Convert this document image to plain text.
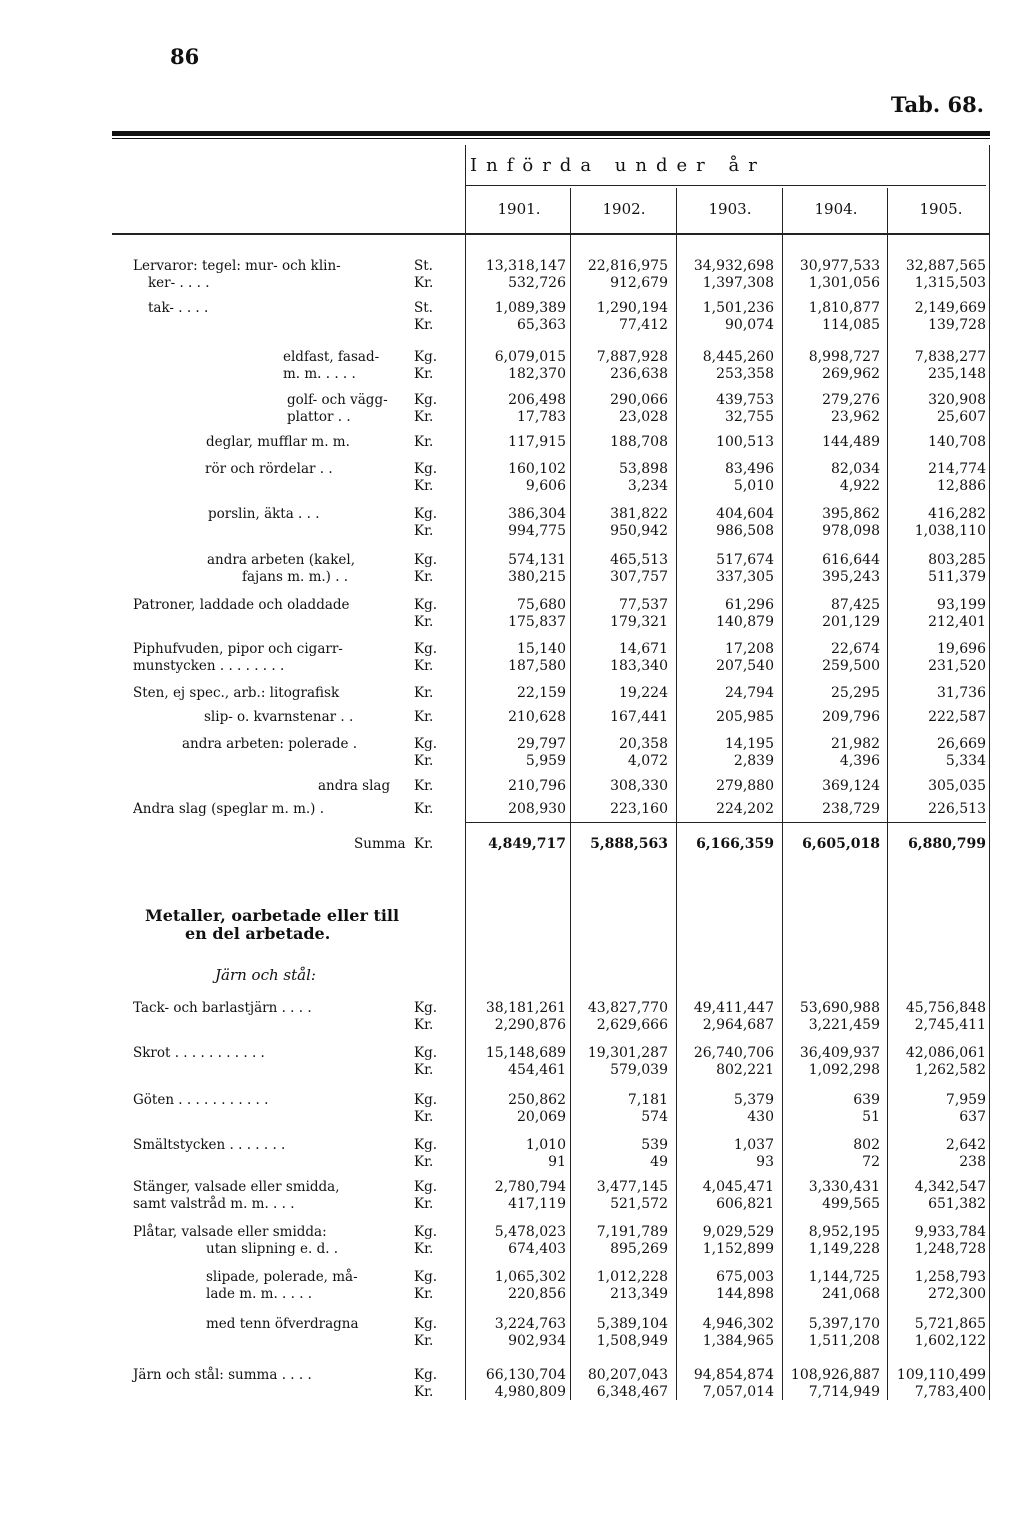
86
Tab. 68.
Införda under år
1901.	1902.	1903.	1904.	1905.
Lervaror: tegel: mur- och klin-	St.	13,318,147	22,816,975	34,932,698	30,977,533	32,887,565
ker- . . . .	Kr.	532,726	912,679	1,397,308	1,301,056	1,315,503
tak- . . . .	St.	1,089,389	1,290,194	1,501,236	1,810,877	2,149,669
Kr.	65,363	77,412	90,074	114,085	139,728
eldfast, fasad-	Kg.	6,079,015	7,887,928	8,445,260	8,998,727	7,838,277
m. m. . . . .	Kr.	182,370	236,638	253,358	269,962	235,148
golf- och vägg- Kg.	206,498	290,066	439,753	279,276	320,908
plattor . .	Kr.	17,783	23,028	32,755	23,962	25,607
deglar, mufflar m. m.	Kr.	117,915	188,708	100,513	144,489	140,708
rör och rördelar . .	Kg.	160,102	53,898	83,496	82,034	214,774
Kr.	9,606	3,234	5,010	4,922	12,886
porslin, äkta . . .	Kg.	386,304	381,822	404,604	395,862	416,282
Kr.	994,775	950,942	986,508	978,098	1,038,110
andra arbeten (kakel,	Kg.	574,131	465,513	517,674	616,644	803,285
fajans m. m.) . .	Kr.	380,215	307,757	337,305	395,243	511,379
Patroner, laddade och oladdade	Kg.	75,680	77,537	61,296	87,425	93,199
Kr.	175,837	179,321	140,879	201,129	212,401
Piphufvuden, pipor och cigarr-	Kg.	15,140	14,671	17,208	22,674	19,696
munstycken . . . . . . . .	Kr.	187,580	183,340	207,540	259,500	231,520
Sten, ej spec., arb.: litografisk	Kr.	22,159	19,224	24,794	25,295	31,736
slip- o. kvarnstenar . .	Kr.	210,628	167,441	205,985	209,796	222,587
andra arbeten: polerade .	Kg.	29,797	20,358	14,195	21,982	26,669
Kr.	5,959	4,072	2,839	4,396	5,334
andra slag Kr.	210,796	308,330	279,880	369,124	305,035
Andra slag (speglar m. m.) .	Kr.	208,930	223,160	224,202	238,729	226,513
Summa Kr.	4,849,717	5,888,563	6,166,359	6,605,018	6,880,799
Metaller, oarbetade eller till
en del arbetade.
Järn och stål:
Tack- och barlastjärn . . . .	Kg.	38,181,261	43,827,770	49,411,447	53,690,988	45,756,848
Kr.	2,290,876	2,629,666	2,964,687	3,221,459	2,745,411
Skrot . . . . . . . . . . .	Kg.	15,148,689	19,301,287	26,740,706	36,409,937	42,086,061
Kr.	454,461	579,039	802,221	1,092,298	1,262,582
Göten . . . . . . . . . . .	Kg.	250,862	7,181	5,379	639	7,959
Kr.	20,069	574	430	51	637
Smältstycken . . . . . . .	Kg.	1,010	539	1,037	802	2,642
Kr.	91	49	93	72	238
Stänger, valsade eller smidda,	Kg.	2,780,794	3,477,145	4,045,471	3,330,431	4,342,547
samt valstråd m. m. . . .	Kr.	417,119	521,572	606,821	499,565	651,382
Plåtar, valsade eller smidda:	Kg.	5,478,023	7,191,789	9,029,529	8,952,195	9,933,784
utan slipning e. d. .	Kr.	674,403	895,269	1,152,899	1,149,228	1,248,728
slipade, polerade, må-	Kg.	1,065,302	1,012,228	675,003	1,144,725	1,258,793
lade m. m. . . . .	Kr.	220,856	213,349	144,898	241,068	272,300
med tenn öfverdragna	Kg.	3,224,763	5,389,104	4,946,302	5,397,170	5,721,865
Kr.	902,934	1,508,949	1,384,965	1,511,208	1,602,122
Järn och stål: summa . . . .	Kg.	66,130,704	80,207,043	94,854,874	108,926,887	109,110,499
Kr.	4,980,809	6,348,467	7,057,014	7,714,949	7,783,400
